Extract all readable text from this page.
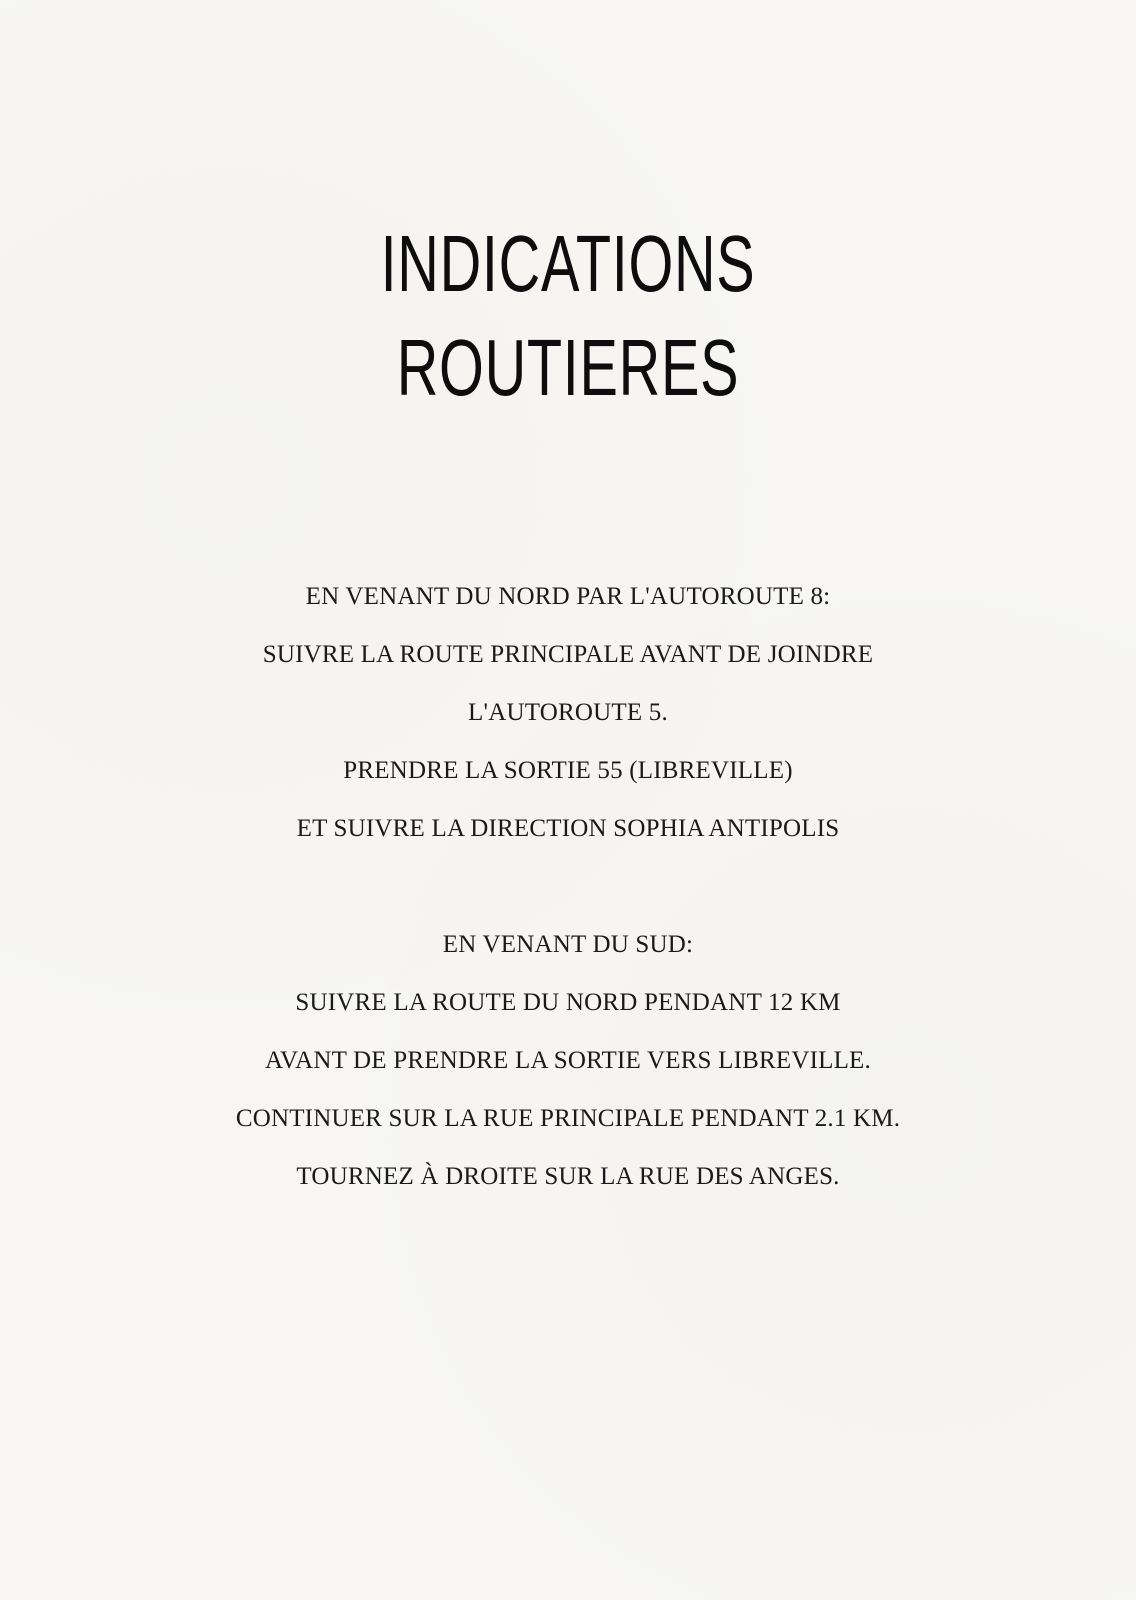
INDICATIONS
ROUTIERES
EN VENANT DU NORD PAR L'AUTOROUTE 8:
SUIVRE LA ROUTE PRINCIPALE AVANT DE JOINDRE
L'AUTOROUTE 5.
PRENDRE LA SORTIE 55 (LIBREVILLE)
ET SUIVRE LA DIRECTION SOPHIA ANTIPOLIS
EN VENANT DU SUD:
SUIVRE LA ROUTE DU NORD PENDANT 12 KM
AVANT DE PRENDRE LA SORTIE VERS LIBREVILLE.
CONTINUER SUR LA RUE PRINCIPALE PENDANT 2.1 KM.
TOURNEZ À DROITE SUR LA RUE DES ANGES.
